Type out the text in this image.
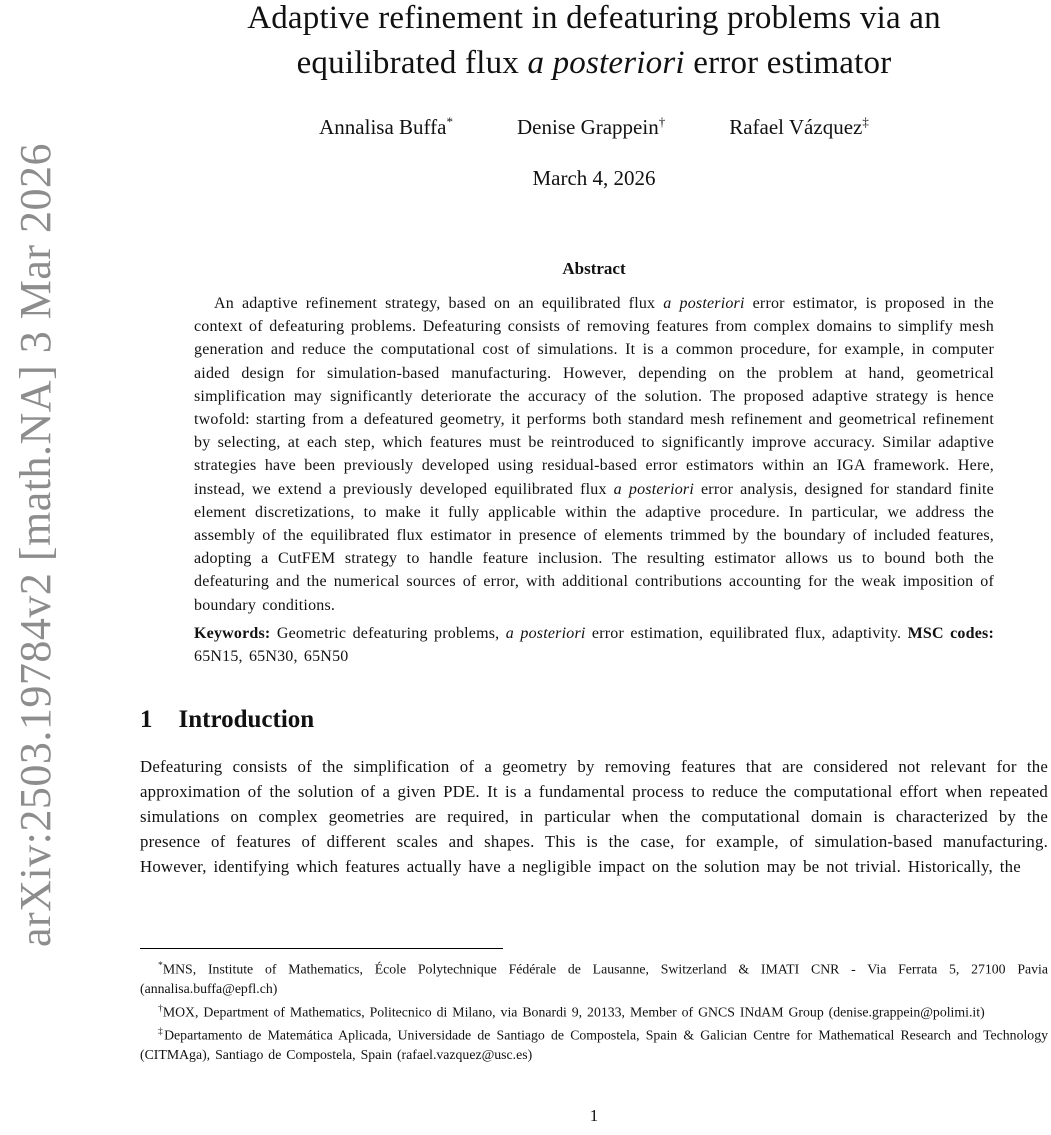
arXiv:2503.19784v2 [math.NA] 3 Mar 2026
Adaptive refinement in defeaturing problems via an
equilibrated flux a posteriori error estimator
Annalisa Buffa*	Denise Grappein†	Rafael Vázquez‡
March 4, 2026
Abstract

An adaptive refinement strategy, based on an equilibrated flux a posteriori error estimator, is proposed in the context of defeaturing problems. Defeaturing consists of removing features from complex domains to simplify mesh generation and reduce the computational cost of simulations. It is a common procedure, for example, in computer aided design for simulation-based manufacturing. However, depending on the problem at hand, geometrical simplification may significantly deteriorate the accuracy of the solution. The proposed adaptive strategy is hence twofold: starting from a defeatured geometry, it performs both standard mesh refinement and geometrical refinement by selecting, at each step, which features must be reintroduced to significantly improve accuracy. Similar adaptive strategies have been previously developed using residual-based error estimators within an IGA framework. Here, instead, we extend a previously developed equilibrated flux a posteriori error analysis, designed for standard finite element discretizations, to make it fully applicable within the adaptive procedure. In particular, we address the assembly of the equilibrated flux estimator in presence of elements trimmed by the boundary of included features, adopting a CutFEM strategy to handle feature inclusion. The resulting estimator allows us to bound both the defeaturing and the numerical sources of error, with additional contributions accounting for the weak imposition of boundary conditions.

Keywords: Geometric defeaturing problems, a posteriori error estimation, equilibrated flux, adaptivity. MSC codes: 65N15, 65N30, 65N50

1 Introduction

Defeaturing consists of the simplification of a geometry by removing features that are considered not relevant for the approximation of the solution of a given PDE. It is a fundamental process to reduce the computational effort when repeated simulations on complex geometries are required, in particular when the computational domain is characterized by the presence of features of different scales and shapes. This is the case, for example, of simulation-based manufacturing. However, identifying which features actually have a negligible impact on the solution may be not trivial. Historically, the

1

*MNS, Institute of Mathematics, École Polytechnique Fédérale de Lausanne, Switzerland & IMATI CNR - Via Ferrata 5, 27100 Pavia (annalisa.buffa@epfl.ch)

†MOX, Department of Mathematics, Politecnico di Milano, via Bonardi 9, 20133, Member of GNCS INdAM Group (denise.grappein@polimi.it)

‡Departamento de Matemática Aplicada, Universidade de Santiago de Compostela, Spain & Galician Centre for Mathematical Research and Technology (CITMAga), Santiago de Compostela, Spain (rafael.vazquez@usc.es)
